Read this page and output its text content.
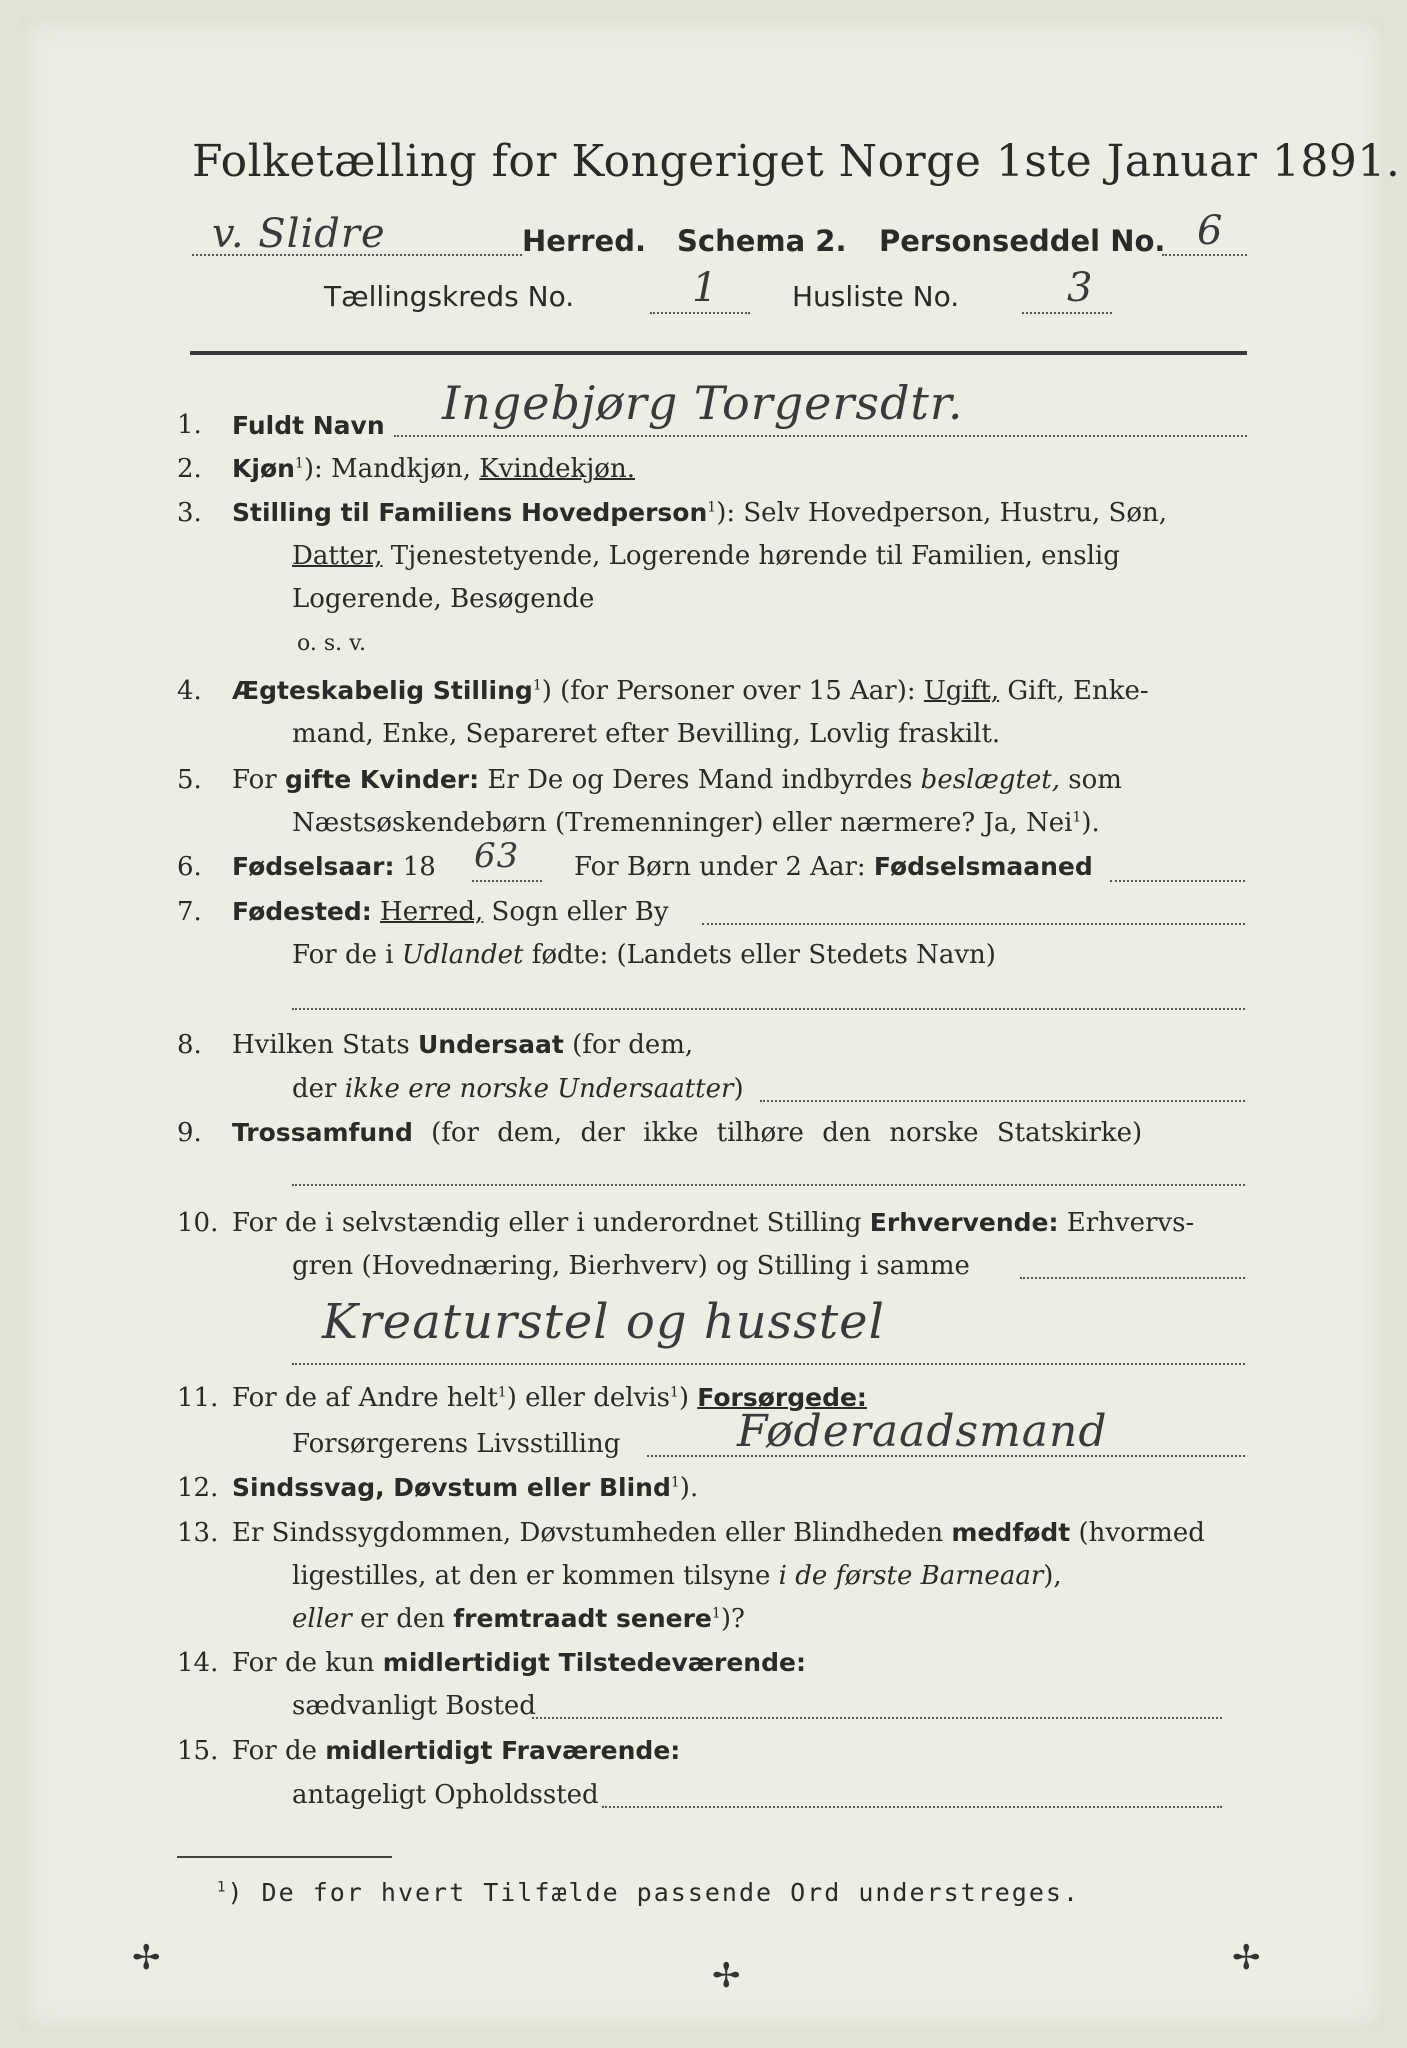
Folketælling for Kongeriget Norge 1ste Januar 1891.
v. Slidre	Herred. Schema 2. Personseddel No. 6
Tællingskreds No.	1	Husliste No.	3
1. Fuldt Navn Ingebjørg Torgersdtr.
2. Kjøn$^1$): Mandkjøn, Kvindekjøn.
3. Stilling til Familiens Hovedperson$^1$): Selv Hovedperson, Hustru, Søn,
Datter, Tjenestetyende, Logerende hørende til Familien, enslig
Logerende, Besøgende
o. s. v.
4. Ægteskabelig Stilling$^1$) (for Personer over 15 Aar): Ugift, Gift, Enke-
mand, Enke, Separeret efter Bevilling, Lovlig fraskilt.
5. For gifte Kvinder: Er De og Deres Mand indbyrdes beslægtet, som
Næstsøskendebørn (Tremenninger) eller nærmere? Ja, Nei$^1$).
6. Fødselsaar: 18 63 For Børn under 2 Aar: Fødselsmaaned
7. Fødested: Herred, Sogn eller By
For de i Udlandet fødte: (Landets eller Stedets Navn)
8. Hvilken Stats Undersaat (for dem,
der ikke ere norske Undersaatter)
9. Trossamfund (for dem, der ikke tilhøre den norske Statskirke)
10. For de i selvstændig eller i underordnet Stilling Erhvervende: Erhvervs-
gren (Hovednæring, Bierhverv) og Stilling i samme
Kreaturstel og husstel
11. For de af Andre helt$^1$) eller delvis$^1$) Forsørgede:
Forsørgerens Livsstilling	Føderaadsmand
12. Sindssvag, Døvstum eller Blind$^1$).
13. Er Sindssygdommen, Døvstumheden eller Blindheden medfødt (hvormed
ligestilles, at den er kommen tilsyne i de første Barneaar),
eller er den fremtraadt senere$^1$)?
14. For de kun midlertidigt Tilstedeværende:
sædvanligt Bosted
15. For de midlertidigt Fraværende:
antageligt Opholdssted
$^1$) De for hvert Tilfælde passende Ord understreges.
✢	✢	✢
